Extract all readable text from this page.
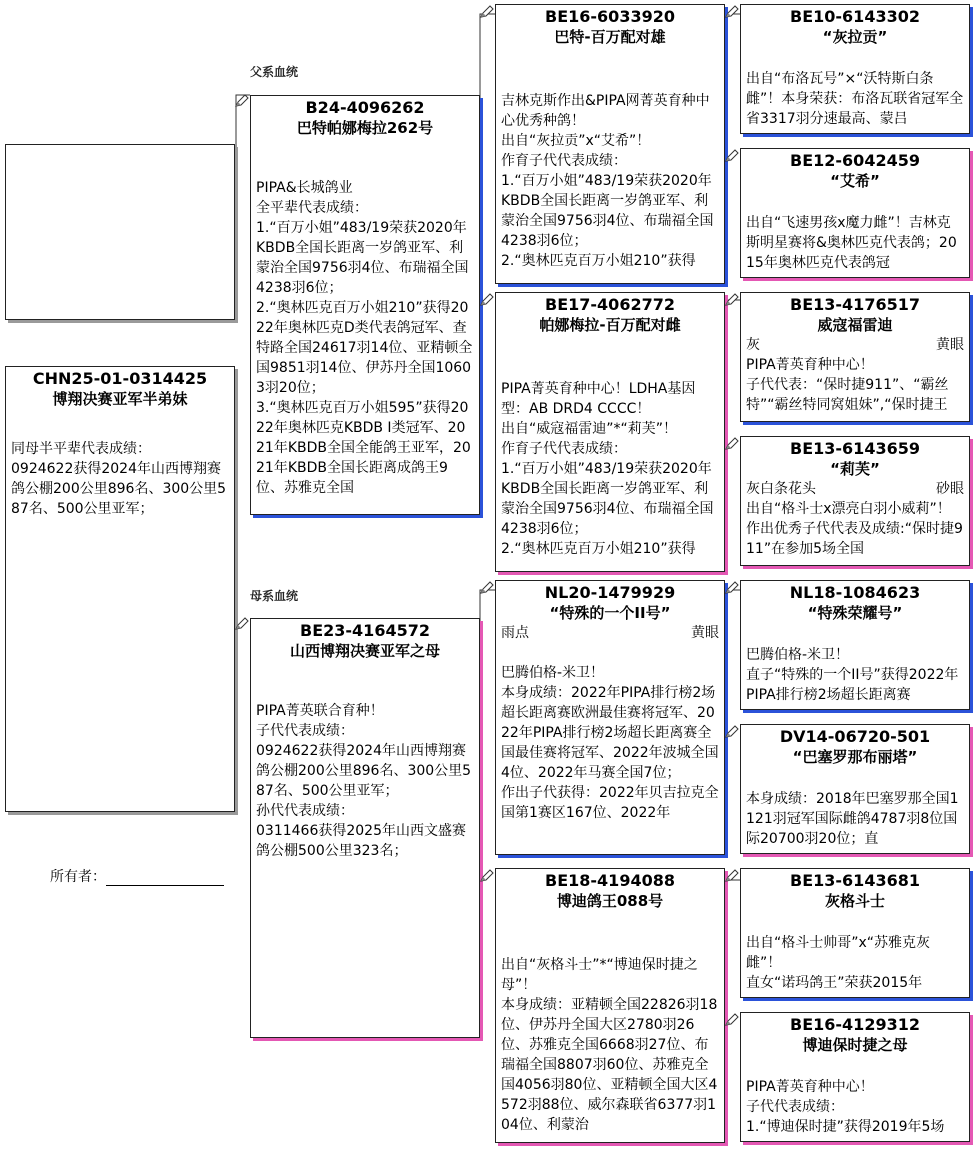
父系血统
母系血统
CHN25-01-0314425
博翔决赛亚军半弟妹
同母半平辈代表成绩：
0924622获得2024年山西博翔赛鸽公棚200公里896名、300公里587名、500公里亚军；
所有者：
B24-4096262
巴特帕娜梅拉262号
PIPA&长城鸽业
全平辈代表成绩：
1.“百万小姐”483/19荣获2020年KBDB全国长距离一岁鸽亚军、利蒙治全国9756羽4位、布瑞福全国4238羽6位；
2.“奥林匹克百万小姐210”获得2022年奥林匹克D类代表鸽冠军、查特路全国24617羽14位、亚精顿全国9851羽14位、伊苏丹全国10603羽20位；
3.“奥林匹克百万小姐595”获得2022年奥林匹克KBDB I类冠军、2021年KBDB全国全能鸽王亚军，2021年KBDB全国长距离成鸽王9位、苏雅克全国
BE23-4164572
山西博翔决赛亚军之母
PIPA菁英联合育种！
子代代表成绩：
0924622获得2024年山西博翔赛鸽公棚200公里896名、300公里587名、500公里亚军；
孙代代表成绩：
0311466获得2025年山西文盛赛鸽公棚500公里323名；
BE16-6033920
巴特-百万配对雄
吉林克斯作出&PIPA网菁英育种中心优秀种鸽！
出自“灰拉贡”x“艾希”！
作育子代代表成绩：
1.“百万小姐”483/19荣获2020年KBDB全国长距离一岁鸽亚军、利蒙治全国9756羽4位、布瑞福全国4238羽6位；
2.“奥林匹克百万小姐210”获得
BE17-4062772
帕娜梅拉-百万配对雌
PIPA菁英育种中心！LDHA基因型：AB DRD4 CCCC！
出自“威寇福雷迪”*“莉芙”！
作育子代代表成绩：
1.“百万小姐”483/19荣获2020年KBDB全国长距离一岁鸽亚军、利蒙治全国9756羽4位、布瑞福全国4238羽6位；
2.“奥林匹克百万小姐210”获得
NL20-1479929
“特殊的一个II号”
雨点	黄眼
巴腾伯格-米卫！
本身成绩：2022年PIPA排行榜2场超长距离赛欧洲最佳赛将冠军、2022年PIPA排行榜2场超长距离赛全国最佳赛将冠军、2022年波城全国4位、2022年马赛全国7位；
作出子代获得：2022年贝吉拉克全国第1赛区167位、2022年
BE18-4194088
博迪鸽王088号
出自“灰格斗士”*“博迪保时捷之母”！
本身成绩：亚精顿全国22826羽18位、伊苏丹全国大区2780羽26位、苏雅克全国6668羽27位、布瑞福全国8807羽60位、苏雅克全国4056羽80位、亚精顿全国大区4572羽88位、威尔森联省6377羽104位、利蒙治
BE10-6143302
“灰拉贡”
出自“布洛瓦号”×“沃特斯白条雌”！本身荣获：布洛瓦联省冠军全省3317羽分速最高、蒙吕
BE12-6042459
“艾希”
出自“飞速男孩x魔力雌”！吉林克斯明星赛将&奥林匹克代表鸽；2015年奥林匹克代表鸽冠
BE13-4176517
威寇福雷迪
灰	黄眼
PIPA菁英育种中心！
子代代表：“保时捷911”、“霸丝特”“霸丝特同窝姐妹”,“保时捷王
BE13-6143659
“莉芙”
灰白条花头	砂眼
出自“格斗士x漂亮白羽小威莉”！作出优秀子代代表及成绩:“保时捷911”在参加5场全国
NL18-1084623
“特殊荣耀号”
巴腾伯格-米卫！
直子“特殊的一个II号”获得2022年PIPA排行榜2场超长距离赛
DV14-06720-501
“巴塞罗那布丽塔”
本身成绩：2018年巴塞罗那全国1121羽冠军国际雌鸽4787羽8位国际20700羽20位；直
BE13-6143681
灰格斗士
出自“格斗士帅哥”x“苏雅克灰雌”！
直女“诺玛鸽王”荣获2015年
BE16-4129312
博迪保时捷之母
PIPA菁英育种中心！
子代代表成绩：
1.“博迪保时捷”获得2019年5场
